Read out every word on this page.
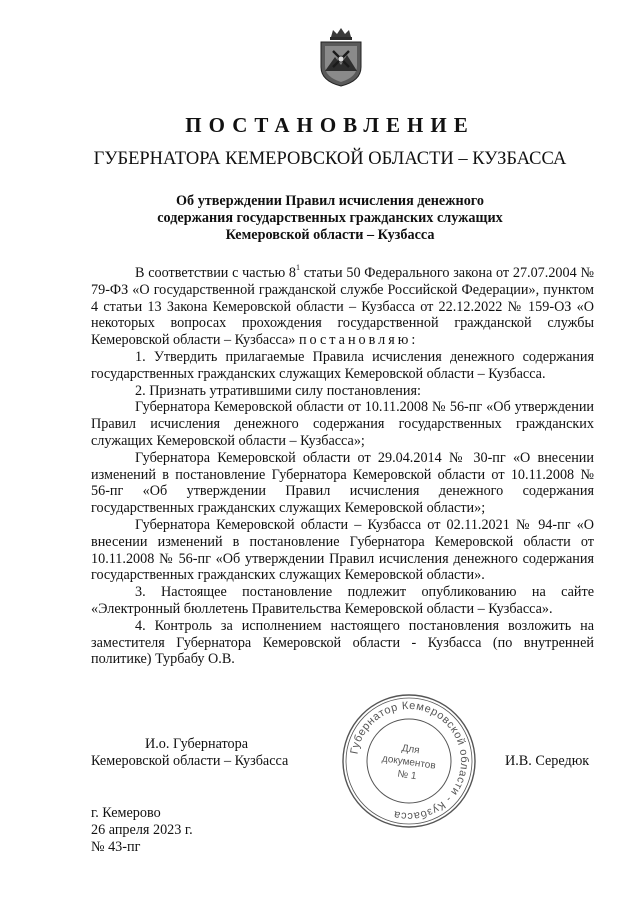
ПОСТАНОВЛЕНИЕ
ГУБЕРНАТОРА КЕМЕРОВСКОЙ ОБЛАСТИ – КУЗБАССА
Об утверждении Правил исчисления денежного
содержания государственных гражданских служащих
Кемеровской области – Кузбасса

В соответствии с частью $8^1$ статьи 50 Федерального закона от 27.07.2004 № 79-ФЗ «О государственной гражданской службе Российской Федерации», пунктом 4 статьи 13 Закона Кемеровской области – Кузбасса от 22.12.2022 № 159-ОЗ «О некоторых вопросах прохождения государственной гражданской службы Кемеровской области – Кузбасса» постановляю:

1. Утвердить прилагаемые Правила исчисления денежного содержания государственных гражданских служащих Кемеровской области – Кузбасса.

2. Признать утратившими силу постановления:

Губернатора Кемеровской области от 10.11.2008 № 56-пг «Об утверждении Правил исчисления денежного содержания государственных гражданских служащих Кемеровской области – Кузбасса»;

Губернатора Кемеровской области от 29.04.2014 № 30-пг «О внесении изменений в постановление Губернатора Кемеровской области от 10.11.2008 № 56-пг «Об утверждении Правил исчисления денежного содержания государственных гражданских служащих Кемеровской области»;

Губернатора Кемеровской области – Кузбасса от 02.11.2021 № 94-пг «О внесении изменений в постановление Губернатора Кемеровской области от 10.11.2008 № 56-пг «Об утверждении Правил исчисления денежного содержания государственных гражданских служащих Кемеровской области».

3. Настоящее постановление подлежит опубликованию на сайте «Электронный бюллетень Правительства Кемеровской области – Кузбасса».

4. Контроль за исполнением настоящего постановления возложить на заместителя Губернатора Кемеровской области - Кузбасса (по внутренней политике) Турбабу О.В.

И.о. Губернатора
Кемеровской области – Кузбасса	И.В. Середюк
Губернатор Кемеровской области - Кузбасса
Для
документов
№ 1
г. Кемерово
26 апреля 2023 г.
№ 43-пг
